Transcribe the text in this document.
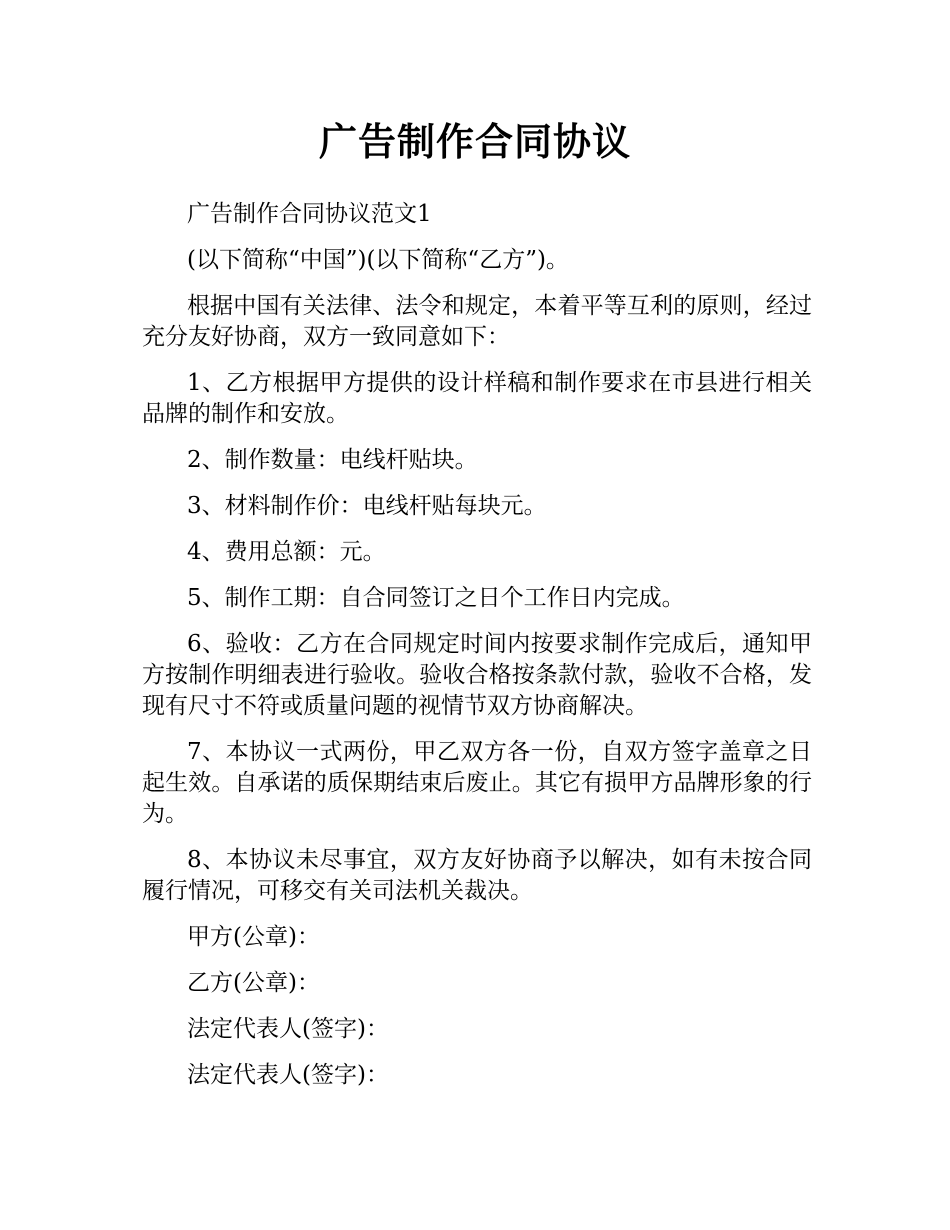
广告制作合同协议

广告制作合同协议范文1

(以下简称“中国”)(以下简称“乙方”)。

根据中国有关法律、法令和规定，本着平等互利的原则，经过充分友好协商，双方一致同意如下：

1、乙方根据甲方提供的设计样稿和制作要求在市县进行相关品牌的制作和安放。

2、制作数量：电线杆贴块。

3、材料制作价：电线杆贴每块元。

4、费用总额：元。

5、制作工期：自合同签订之日个工作日内完成。

6、验收：乙方在合同规定时间内按要求制作完成后，通知甲方按制作明细表进行验收。验收合格按条款付款，验收不合格，发现有尺寸不符或质量问题的视情节双方协商解决。

7、本协议一式两份，甲乙双方各一份，自双方签字盖章之日起生效。自承诺的质保期结束后废止。其它有损甲方品牌形象的行为。

8、本协议未尽事宜，双方友好协商予以解决，如有未按合同履行情况，可移交有关司法机关裁决。

甲方(公章)：

乙方(公章)：

法定代表人(签字)：

法定代表人(签字)：
